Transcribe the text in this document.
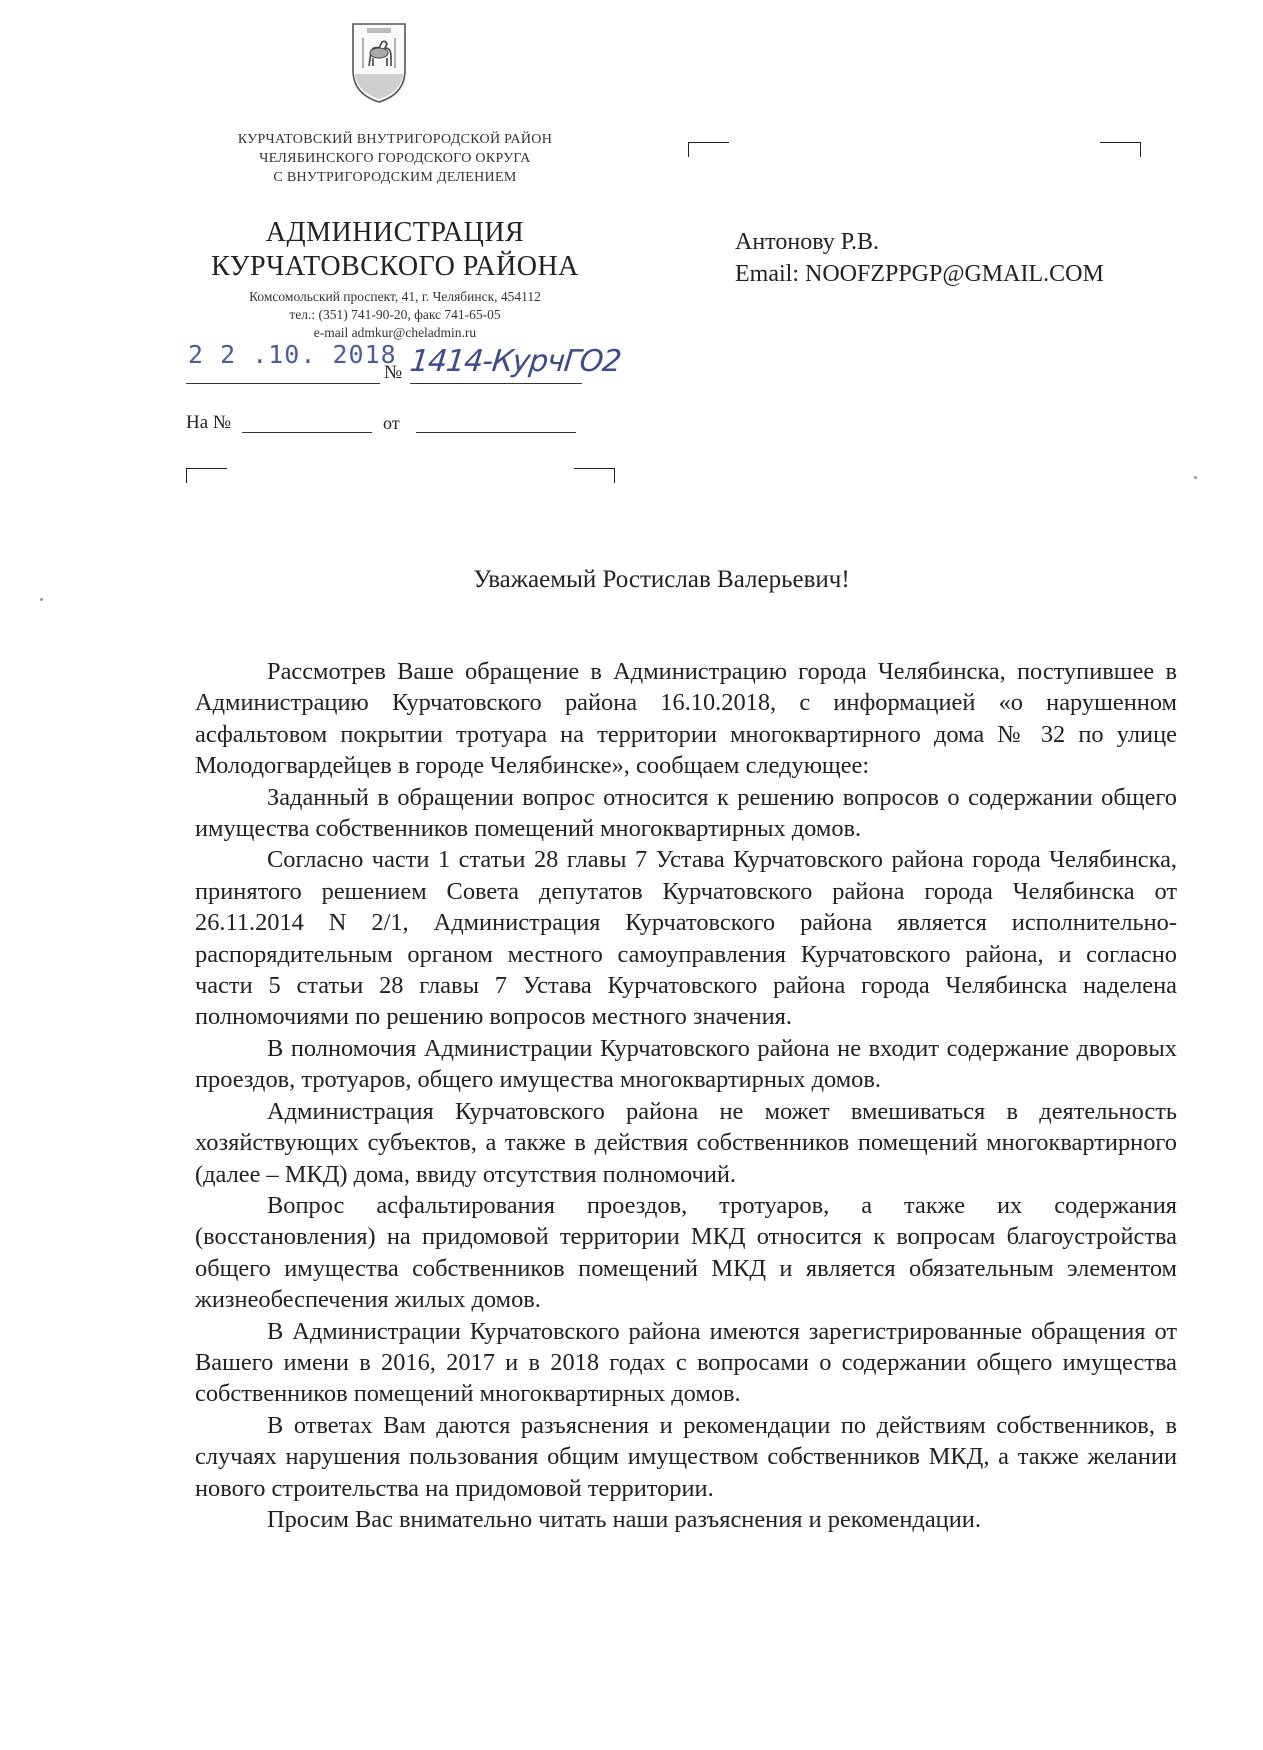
КУРЧАТОВСКИЙ ВНУТРИГОРОДСКОЙ РАЙОН
ЧЕЛЯБИНСКОГО ГОРОДСКОГО ОКРУГА
С ВНУТРИГОРОДСКИМ ДЕЛЕНИЕМ
АДМИНИСТРАЦИЯ
КУРЧАТОВСКОГО РАЙОНА
Комсомольский проспект, 41, г. Челябинск, 454112
тел.: (351) 741-90-20, факс 741-65-05
e-mail admkur@cheladmin.ru
2 2 .10. 2018
№ 1414-КурчГО2
На №	от
Антонову Р.В.
Email: NOOFZPPGP@GMAIL.COM
Уважаемый Ростислав Валерьевич!

Рассмотрев Ваше обращение в Администрацию города Челябинска, поступившее в Администрацию Курчатовского района 16.10.2018, с информацией «о нарушенном асфальтовом покрытии тротуара на территории многоквартирного дома № 32 по улице Молодогвардейцев в городе Челябинске», сообщаем следующее:

Заданный в обращении вопрос относится к решению вопросов о содержании общего имущества собственников помещений многоквартирных домов.

Согласно части 1 статьи 28 главы 7 Устава Курчатовского района города Челябинска, принятого решением Совета депутатов Курчатовского района города Челябинска от 26.11.2014 N 2/1, Администрация Курчатовского района является исполнительно-распорядительным органом местного самоуправления Курчатовского района, и согласно части 5 статьи 28 главы 7 Устава Курчатовского района города Челябинска наделена полномочиями по решению вопросов местного значения.

В полномочия Администрации Курчатовского района не входит содержание дворовых проездов, тротуаров, общего имущества многоквартирных домов.

Администрация Курчатовского района не может вмешиваться в деятельность хозяйствующих субъектов, а также в действия собственников помещений многоквартирного (далее – МКД) дома, ввиду отсутствия полномочий.

Вопрос асфальтирования проездов, тротуаров, а также их содержания (восстановления) на придомовой территории МКД относится к вопросам благоустройства общего имущества собственников помещений МКД и является обязательным элементом жизнеобеспечения жилых домов.

В Администрации Курчатовского района имеются зарегистрированные обращения от Вашего имени в 2016, 2017 и в 2018 годах с вопросами о содержании общего имущества собственников помещений многоквартирных домов.

В ответах Вам даются разъяснения и рекомендации по действиям собственников, в случаях нарушения пользования общим имуществом собственников МКД, а также желании нового строительства на придомовой территории.

Просим Вас внимательно читать наши разъяснения и рекомендации.
